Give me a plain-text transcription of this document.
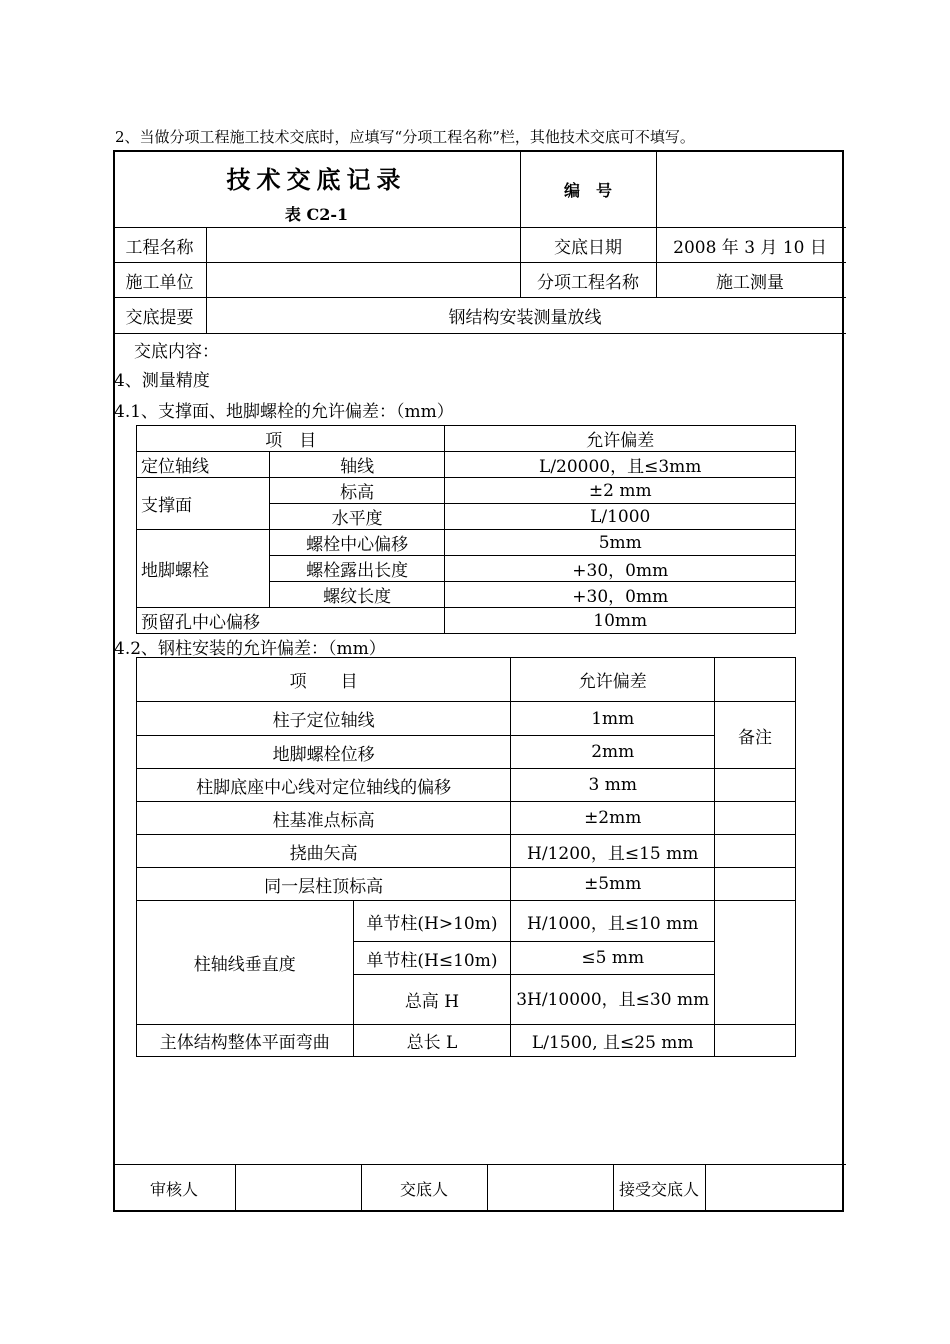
2、当做分项工程施工技术交底时，应填写“分项工程名称”栏，其他技术交底可不填写。
技术交底记录
表 C2-1
编　号
工程名称	交底日期	2008 年 3 月 10 日
施工单位	分项工程名称	施工测量
交底提要	钢结构安装测量放线
交底内容：
4、测量精度
4.1、支撑面、地脚螺栓的允许偏差：（mm）
项　目		允许偏差
定位轴线	轴线	L/20000，且≤3mm
支撑面	标高	±2 mm
	水平度	L/1000
地脚螺栓	螺栓中心偏移	5mm
	螺栓露出长度	+30，0mm
	螺纹长度	+30，0mm
预留孔中心偏移		10mm
4.2、钢柱安装的允许偏差：（mm）
项　　目		允许偏差	
柱子定位轴线		1mm	备注
地脚螺栓位移		2mm	
柱脚底座中心线对定位轴线的偏移		3 mm	
柱基准点标高		±2mm	
挠曲矢高		H/1200，且≤15 mm	
同一层柱顶标高		±5mm	
柱轴线垂直度	单节柱(H>10m)	H/1000，且≤10 mm	
	单节柱(H≤10m)	≤5 mm	
	总高 H	3H/10000，且≤30 mm	
主体结构整体平面弯曲	总长 L	L/1500, 且≤25 mm	
审核人	交底人	接受交底人
